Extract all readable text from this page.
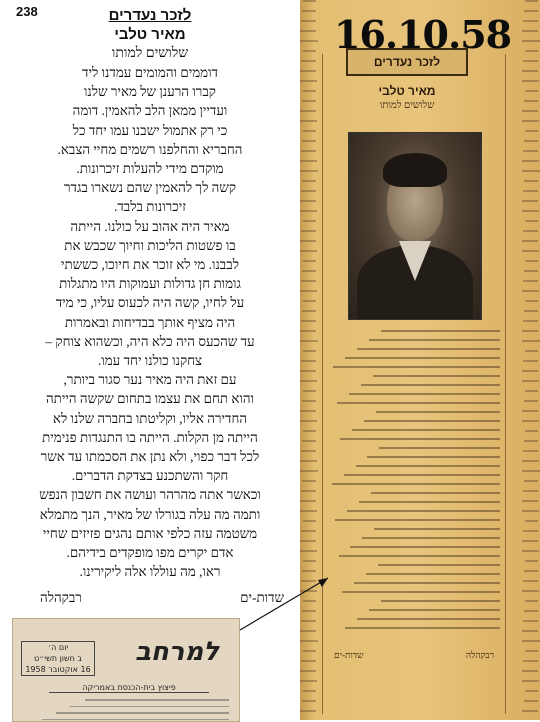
238	לזכר נעדרים
מאיר טלבי
שלושים למותו
דוממים והמומים עמדנו ליד
קברו הרענן של מאיר שלנו
ועדיין ממאן הלב להאמין. דומה
כי רק אתמול ישבנו עמו יחד כל
החבריא והחלפנו רשמים מחיי הצבא.
מוקדם מידי להעלות זיכרונות.
קשה לך להאמין שהם נשארו בגדר
זיכרונות בלבד.
מאיר היה אהוב על כולנו. הייתה
בו פשטות הליכות וחיוך שכבש את
לבבנו. מי לא זוכר את חיוכו, כששתי
גומות חן גדולות ועמוקות היו מתגלות
על לחיו, קשה היה לכעוס עליו, כי מיד
היה מציף אותך בבדיחות ובאמרות
עד שהכעס היה כלא היה, וכשהוא צוחק –
צחקנו כולנו יחד עמו.
עם זאת היה מאיר נער סגור ביותר,
והוא תחם את עצמו בתחום שקשה הייתה
החדירה אליו, וקליטתו בחברה שלנו לא
הייתה מן הקלות. הייתה בו התנגדות פנימית
לכל דבר כפוי, ולא נתן את הסכמתו עד אשר
חקר והשתכנע בצדקת הדברים.
וכאשר אתה מהרהר ועושה את חשבון הנפש
ותמה מה עלה בגורלו של מאיר, הנך מתמלא
משטמה עזה כלפי אותם נהגים פזיזים שחיי
אדם יקרים מפו מופקדים בידיהם.
ראו, מה עוללו אלה ליקירינו.
שדות-ים
רבקהלה
לזכר נעדרים
מאיר טלבי
שלושים למותו
רבקהלה
שדות-ים
16.10.58
למרחב
יום ה׳
ב חשון תשי״ט
16 אוקטובר 1958
פיצוץ בית-הכנסת באמריקה
